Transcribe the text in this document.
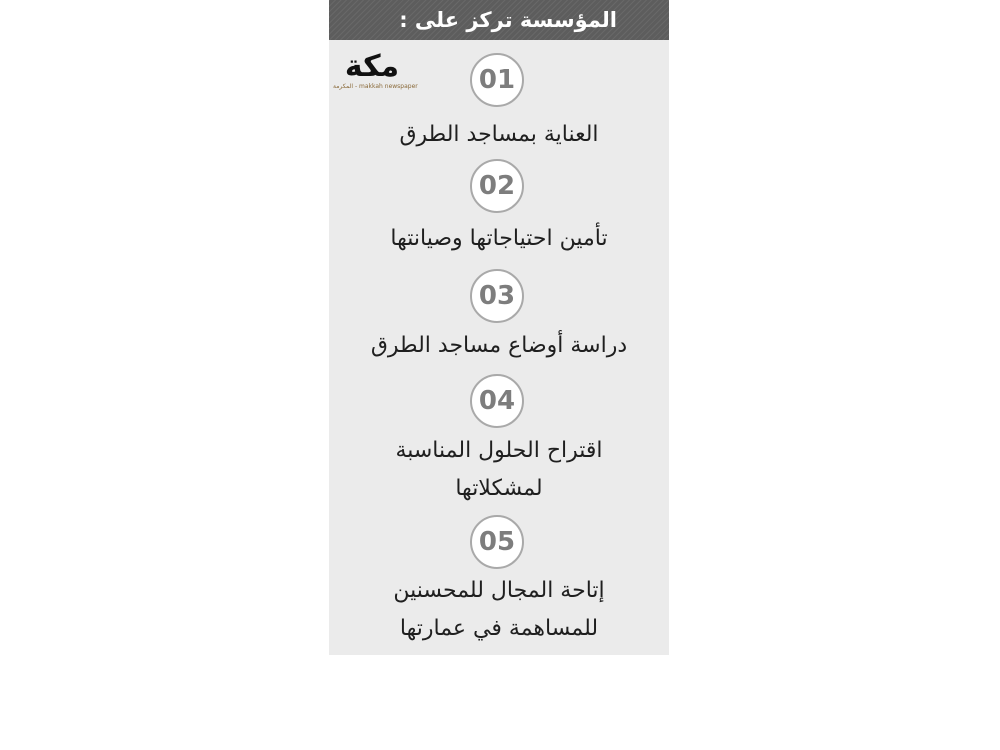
المؤسسة تركز على :
مكة
المكرمة - makkah newspaper	01
العناية بمساجد الطرق
02
تأمين احتياجاتها وصيانتها
03
دراسة أوضاع مساجد الطرق
04
اقتراح الحلول المناسبة
لمشكلاتها
05
إتاحة المجال للمحسنين
للمساهمة في عمارتها
